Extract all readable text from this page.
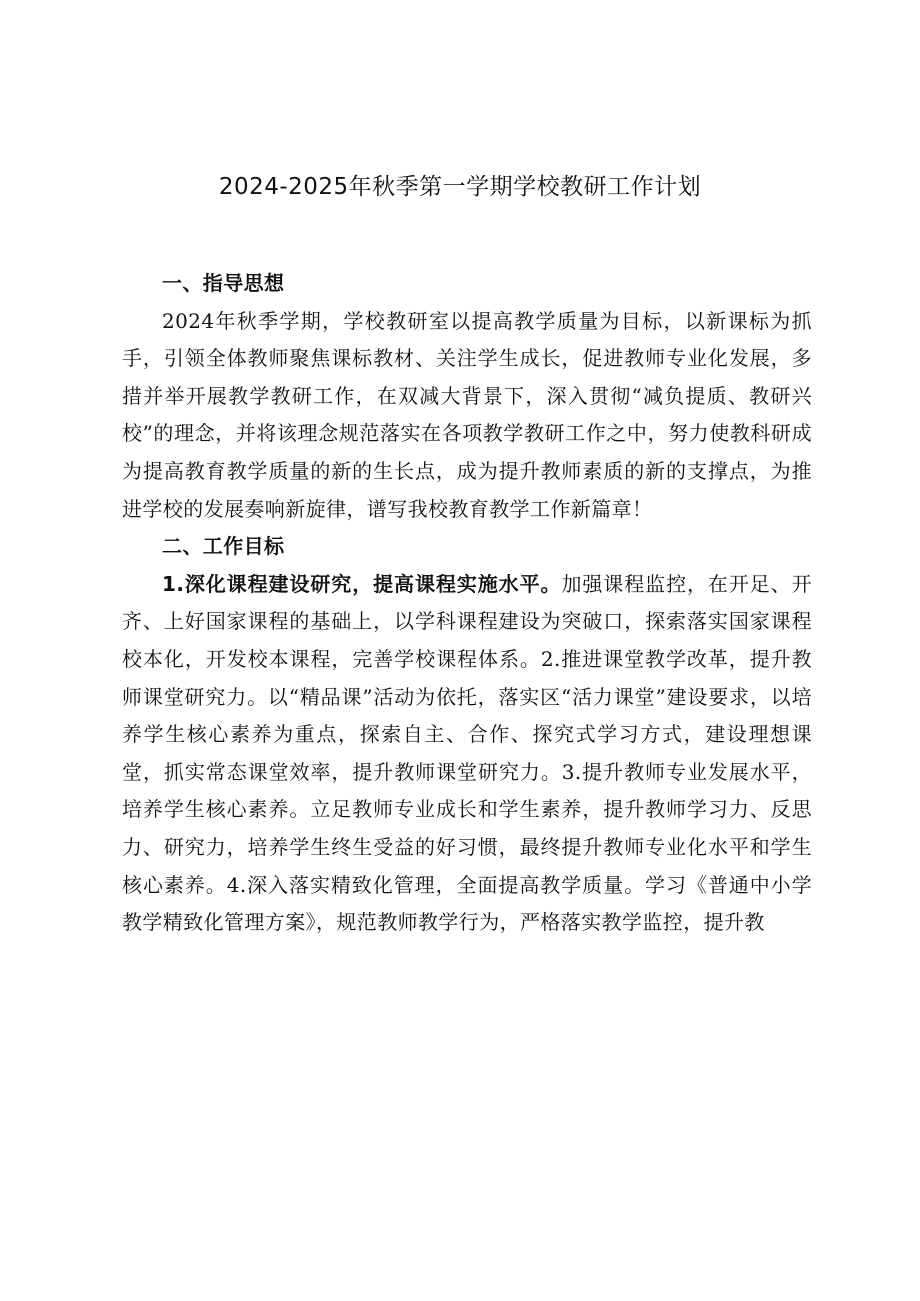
2024-2025年秋季第一学期学校教研工作计划

一、指导思想

2024年秋季学期，学校教研室以提高教学质量为目标，以新课标为抓手，引领全体教师聚焦课标教材、关注学生成长，促进教师专业化发展，多措并举开展教学教研工作，在双减大背景下，深入贯彻“减负提质、教研兴校”的理念，并将该理念规范落实在各项教学教研工作之中，努力使教科研成为提高教育教学质量的新的生长点，成为提升教师素质的新的支撑点，为推进学校的发展奏响新旋律，谱写我校教育教学工作新篇章！

二、工作目标

1.深化课程建设研究，提高课程实施水平。加强课程监控，在开足、开齐、上好国家课程的基础上，以学科课程建设为突破口，探索落实国家课程校本化，开发校本课程，完善学校课程体系。2.推进课堂教学改革，提升教师课堂研究力。以“精品课”活动为依托，落实区“活力课堂”建设要求，以培养学生核心素养为重点，探索自主、合作、探究式学习方式，建设理想课堂，抓实常态课堂效率，提升教师课堂研究力。3.提升教师专业发展水平，培养学生核心素养。立足教师专业成长和学生素养，提升教师学习力、反思力、研究力，培养学生终生受益的好习惯，最终提升教师专业化水平和学生核心素养。4.深入落实精致化管理，全面提高教学质量。学习《普通中小学教学精致化管理方案》，规范教师教学行为，严格落实教学监控，提升教
